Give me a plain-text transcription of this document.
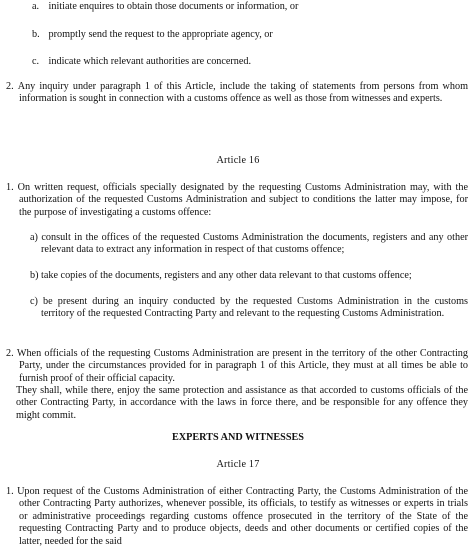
a. initiate enquires to obtain those documents or information, or

b. promptly send the request to the appropriate agency, or

c. indicate which relevant authorities are concerned.

2. Any inquiry under paragraph 1 of this Article, include the taking of statements from persons from whom information is sought in connection with a customs offence as well as those from witnesses and experts.

Article 16

1. On written request, officials specially designated by the requesting Customs Administration may, with the authorization of the requested Customs Administration and subject to conditions the latter may impose, for the purpose of investigating a customs offence:

a) consult in the offices of the requested Customs Administration the documents, registers and any other relevant data to extract any information in respect of that customs offence;

b) take copies of the documents, registers and any other data relevant to that customs offence;

c) be present during an inquiry conducted by the requested Customs Administration in the customs territory of the requested Contracting Party and relevant to the requesting Customs Administration.

2. When officials of the requesting Customs Administration are present in the territory of the other Contracting Party, under the circumstances provided for in paragraph 1 of this Article, they must at all times be able to furnish proof of their official capacity.

They shall, while there, enjoy the same protection and assistance as that accorded to customs officials of the other Contracting Party, in accordance with the laws in force there, and be responsible for any offence they might commit.

EXPERTS AND WITNESSES

Article 17

1. Upon request of the Customs Administration of either Contracting Party, the Customs Administration of the other Contracting Party authorizes, whenever possible, its officials, to testify as witnesses or experts in trials or administrative proceedings regarding customs offence prosecuted in the territory of the State of the requesting Contracting Party and to produce objects, deeds and other documents or certified copies of the latter, needed for the said
